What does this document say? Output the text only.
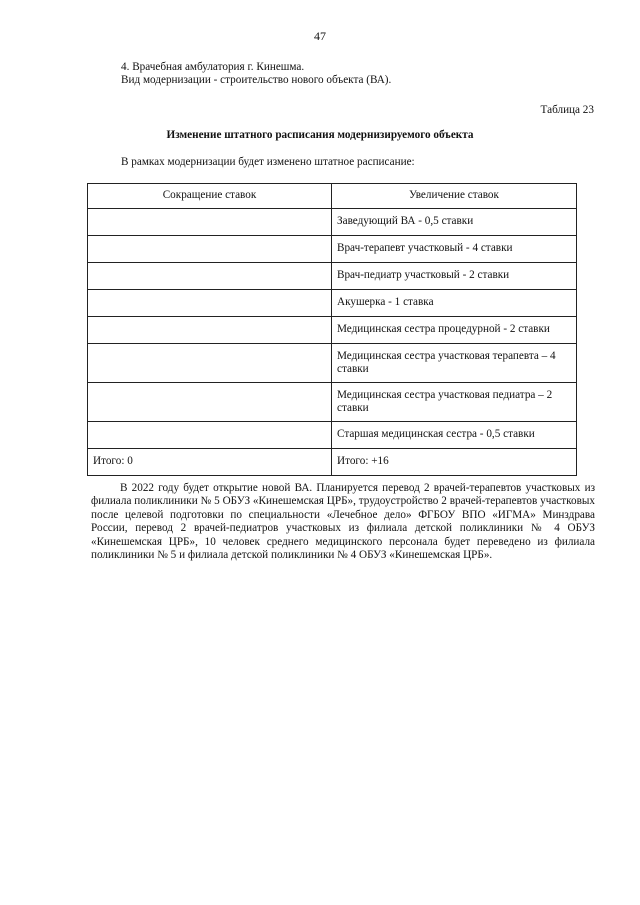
47
4. Врачебная амбулатория г. Кинешма.
Вид модернизации - строительство нового объекта (ВА).
Таблица 23
Изменение штатного расписания модернизируемого объекта
В рамках модернизации будет изменено штатное расписание:
Сокращение ставок	Увеличение ставок
	Заведующий ВА - 0,5 ставки
	Врач-терапевт участковый - 4 ставки
	Врач-педиатр участковый - 2 ставки
	Акушерка - 1 ставка
	Медицинская сестра процедурной - 2 ставки
	Медицинская сестра участковая терапевта – 4 ставки
	Медицинская сестра участковая педиатра – 2 ставки
	Старшая медицинская сестра - 0,5 ставки
Итого: 0	Итого: +16
В 2022 году будет открытие новой ВА. Планируется перевод 2 врачей-терапевтов участковых из филиала поликлиники № 5 ОБУЗ «Кинешемская ЦРБ», трудоустройство 2 врачей-терапевтов участковых после целевой подготовки по специальности «Лечебное дело» ФГБОУ ВПО «ИГМА» Минздрава России, перевод 2 врачей-педиатров участковых из филиала детской поликлиники № 4 ОБУЗ «Кинешемская ЦРБ», 10 человек среднего медицинского персонала будет переведено из филиала поликлиники № 5 и филиала детской поликлиники № 4 ОБУЗ «Кинешемская ЦРБ».
